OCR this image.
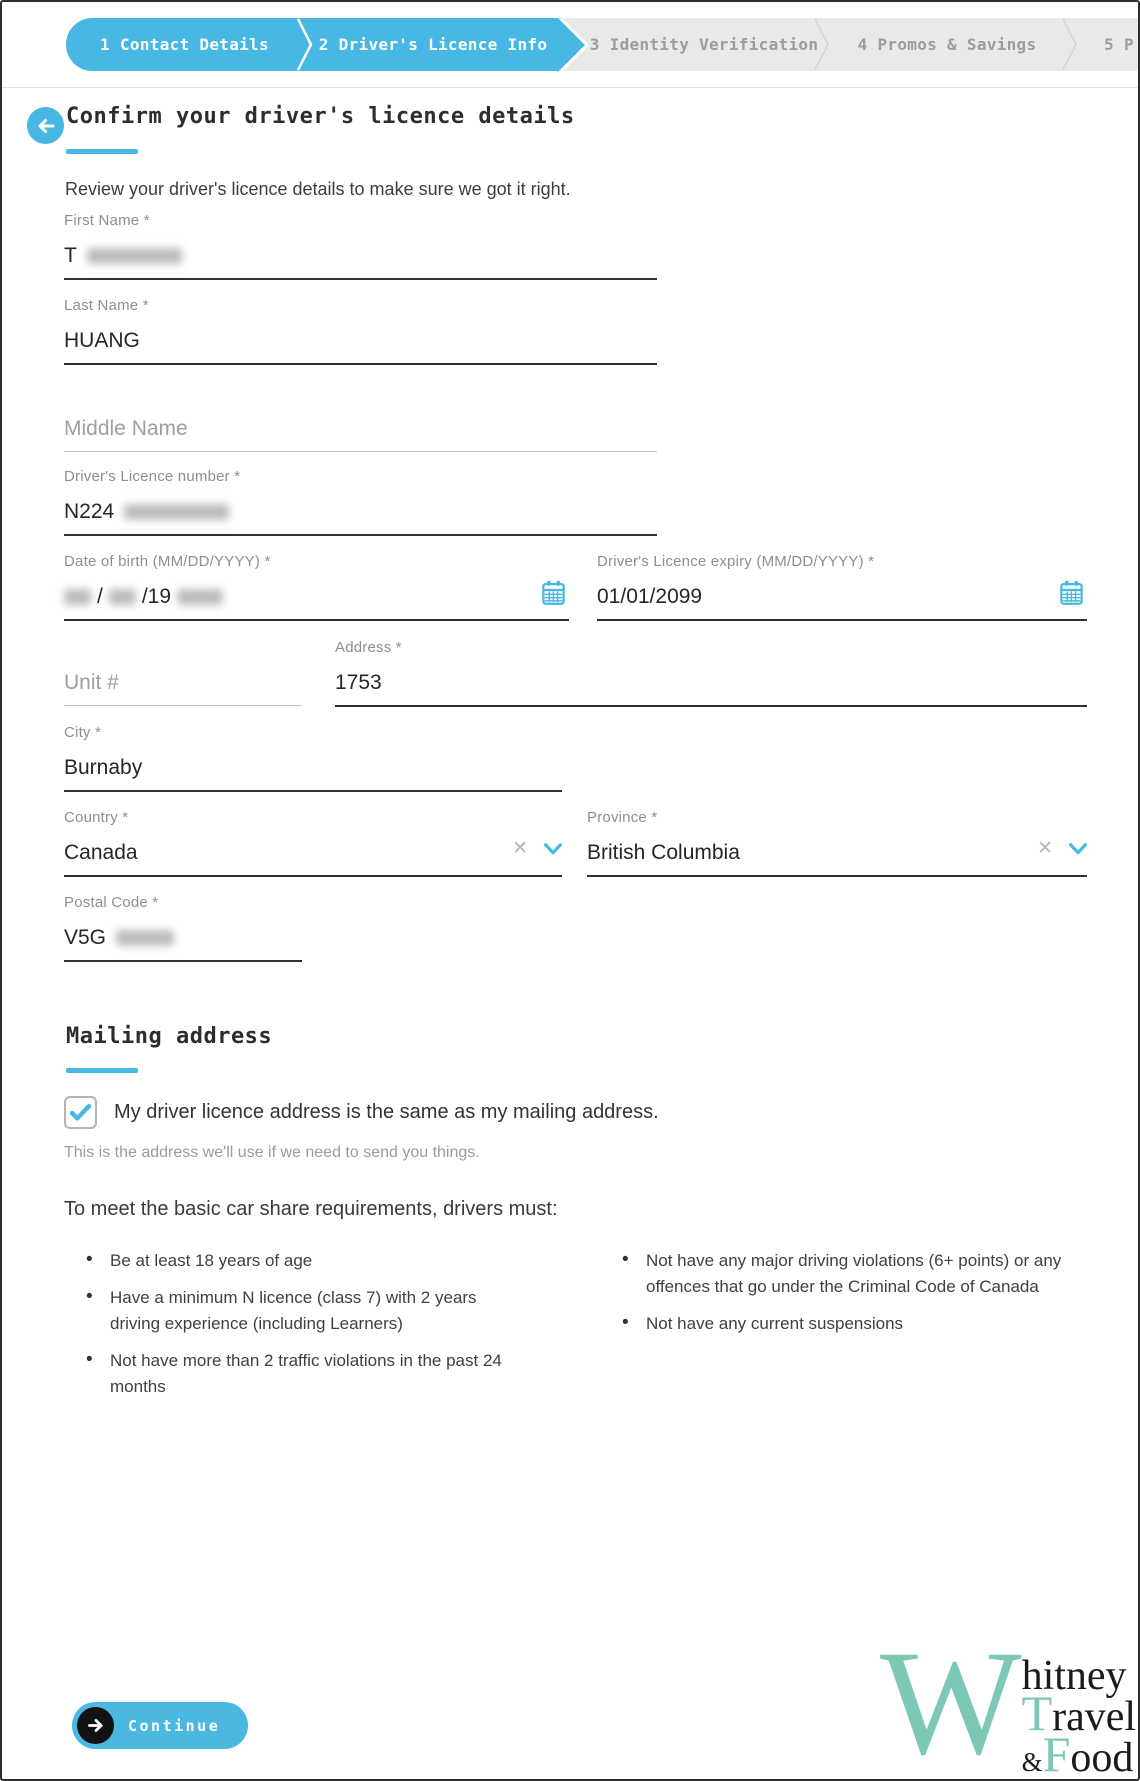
1 Contact Details	2 Driver's Licence Info	3 Identity Verification 4 Promos & Savings	5 P
Confirm your driver's licence details
Review your driver's licence details to make sure we got it right.
First Name *
T
Last Name *
HUANG
Middle Name
Driver's Licence number *
N224
Date of birth (MM/DD/YYYY) *
/ /19
Driver's Licence expiry (MM/DD/YYYY) *
01/01/2099
Unit #
Address *
1753
City *
Burnaby
Country *
Canada	✕
Province *
British Columbia	✕
Postal Code *
V5G
Mailing address
My driver licence address is the same as my mailing address.
This is the address we'll use if we need to send you things.
To meet the basic car share requirements, drivers must:
• Be at least 18 years of age
• Have a minimum N licence (class 7) with 2 years driving experience (including Learners)
• Not have more than 2 traffic violations in the past 24 months
• Not have any major driving violations (6+ points) or any offences that go under the Criminal Code of Canada
• Not have any current suspensions
Continue	W hitney
Travel
&Food
